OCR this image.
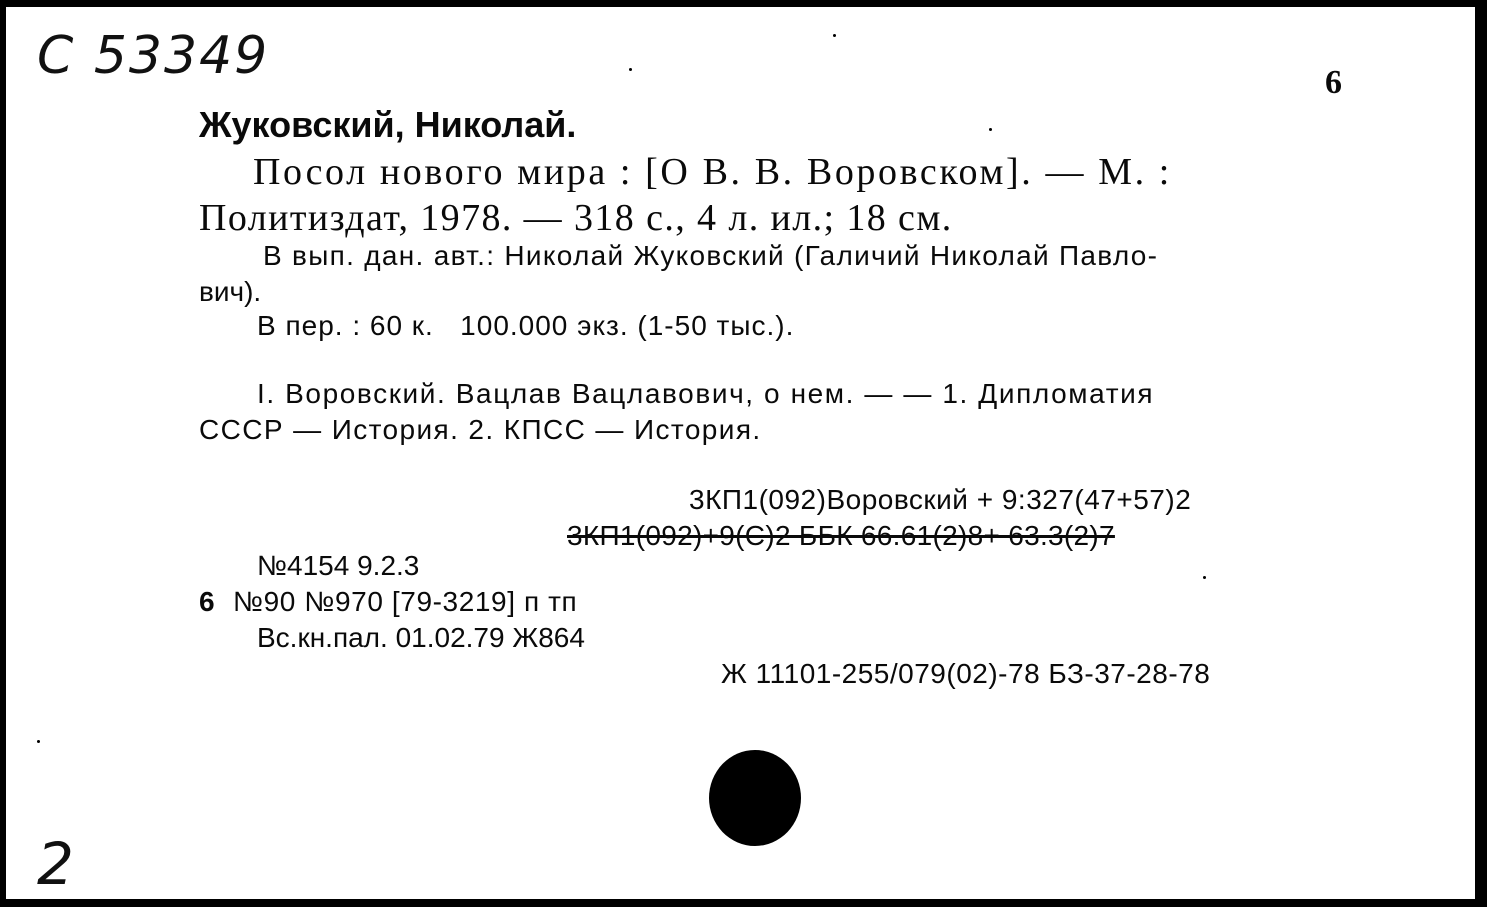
С 53349	6
Жуковский, Николай.
Посол нового мира : [О В. В. Воровском]. — М. :
Политиздат, 1978. — 318 с., 4 л. ил.; 18 см.
В вып. дан. авт.: Николай Жуковский (Галичий Николай Павло-
вич).
В пер. : 60 к.   100.000 экз. (1-50 тыс.).
I. Воровский. Вацлав Вацлавович, о нем. — — 1. Дипломатия
СССР — История. 2. КПСС — История.
3КП1(092)Воровский + 9:327(47+57)2
3КП1(092)+9(С)2 ББК 66.61(2)8+ 63.3(2)7
№4154 9.2.3
6 №90 №970 [79-3219] п тп
Вс.кн.пал. 01.02.79 Ж864
Ж 11101-255/079(02)-78 БЗ-37-28-78
2
